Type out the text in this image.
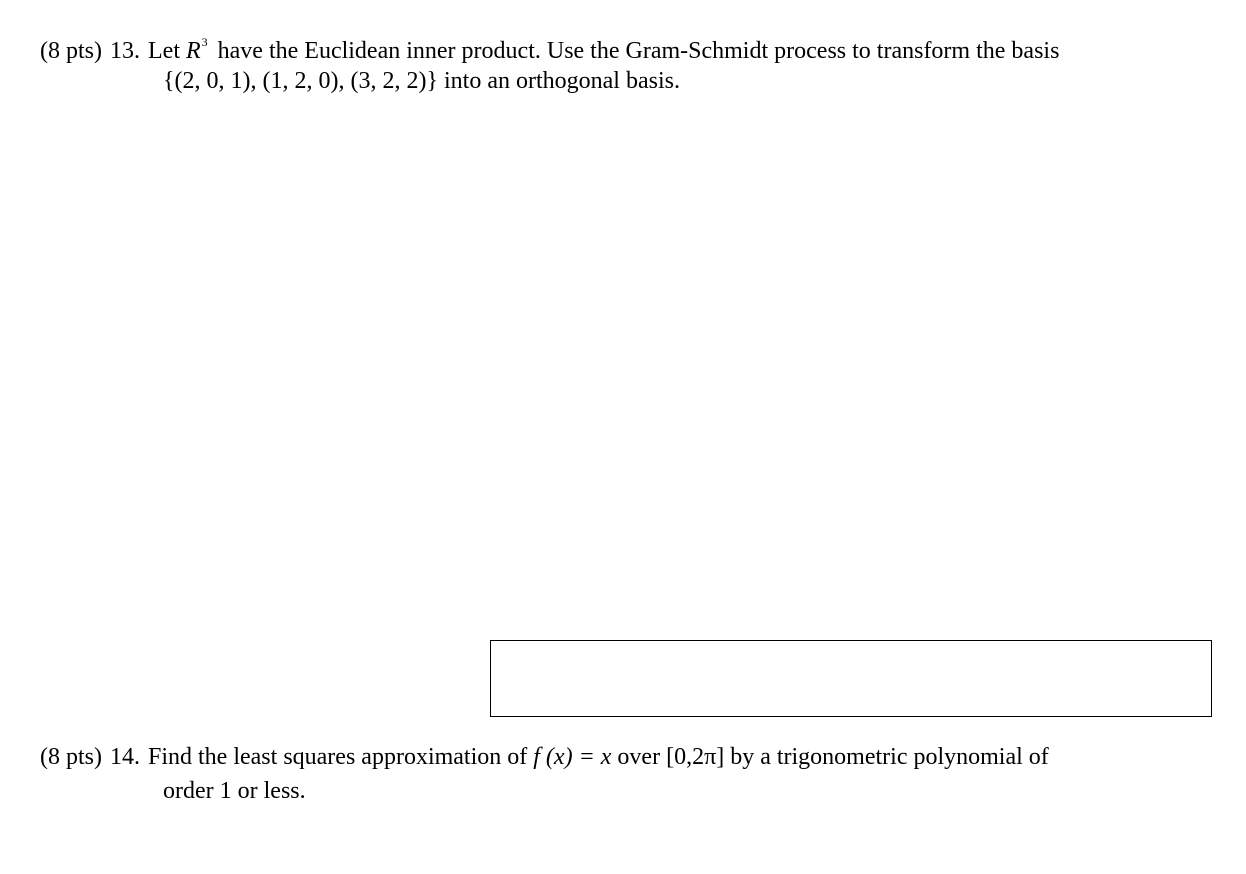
(8 pts) 13. Let $R^3$ have the Euclidean inner product. Use the Gram-Schmidt process to transform the basis
{(2, 0, 1), (1, 2, 0), (3, 2, 2)} into an orthogonal basis.
(8 pts) 14. Find the least squares approximation of f (x) = x over [0,2π] by a trigonometric polynomial of
order 1 or less.
